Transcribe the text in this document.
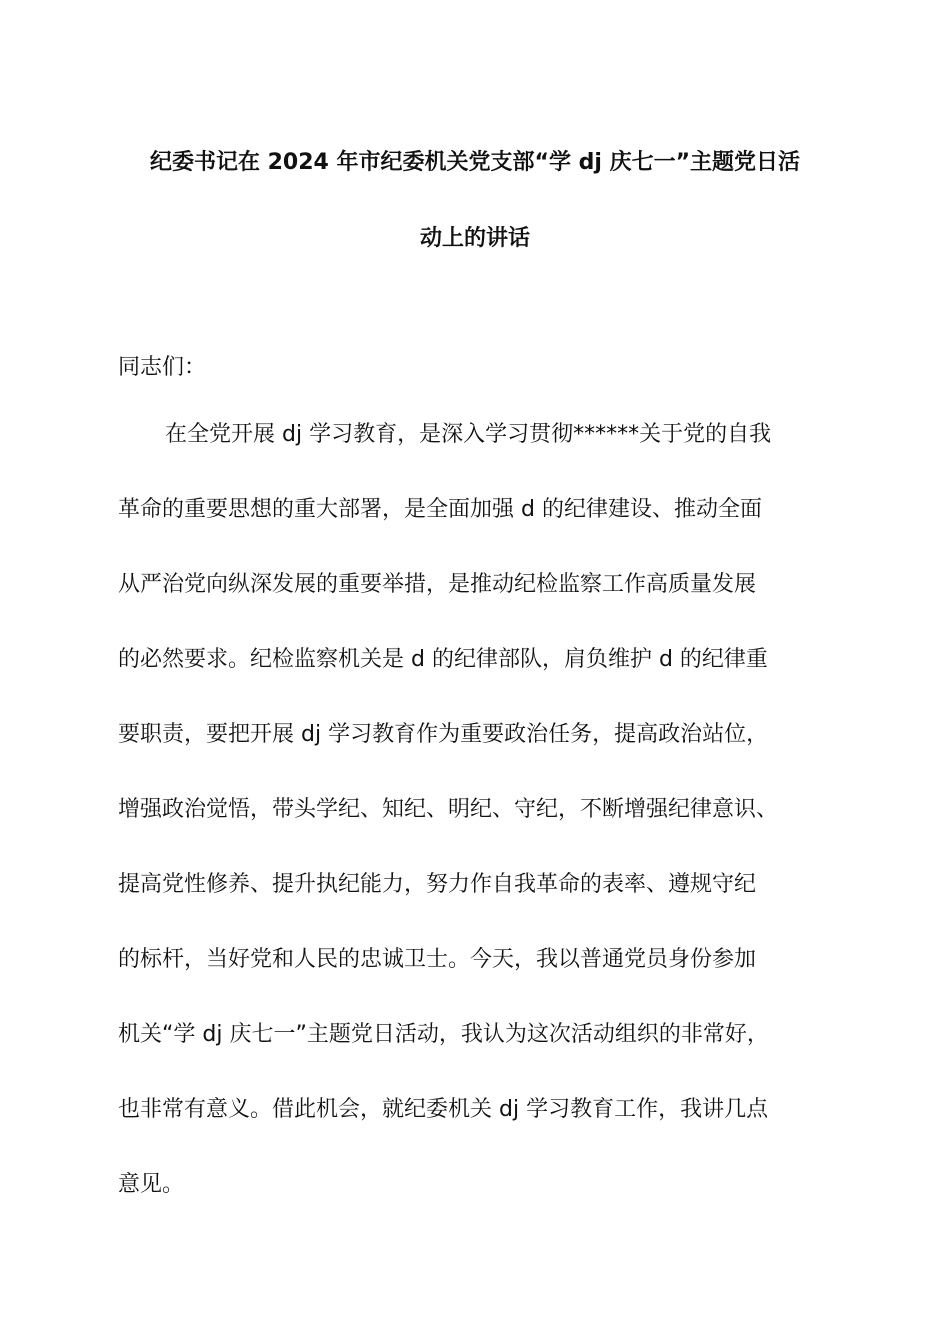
纪委书记在 2024 年市纪委机关党支部“学 dj 庆七一”主题党日活
动上的讲话
同志们：
在全党开展 dj 学习教育，是深入学习贯彻******关于党的自我
革命的重要思想的重大部署，是全面加强 d 的纪律建设、推动全面
从严治党向纵深发展的重要举措，是推动纪检监察工作高质量发展
的必然要求。纪检监察机关是 d 的纪律部队，肩负维护 d 的纪律重
要职责，要把开展 dj 学习教育作为重要政治任务，提高政治站位，
增强政治觉悟，带头学纪、知纪、明纪、守纪，不断增强纪律意识、
提高党性修养、提升执纪能力，努力作自我革命的表率、遵规守纪
的标杆，当好党和人民的忠诚卫士。今天，我以普通党员身份参加
机关“学 dj 庆七一”主题党日活动，我认为这次活动组织的非常好，
也非常有意义。借此机会，就纪委机关 dj 学习教育工作，我讲几点
意见。
